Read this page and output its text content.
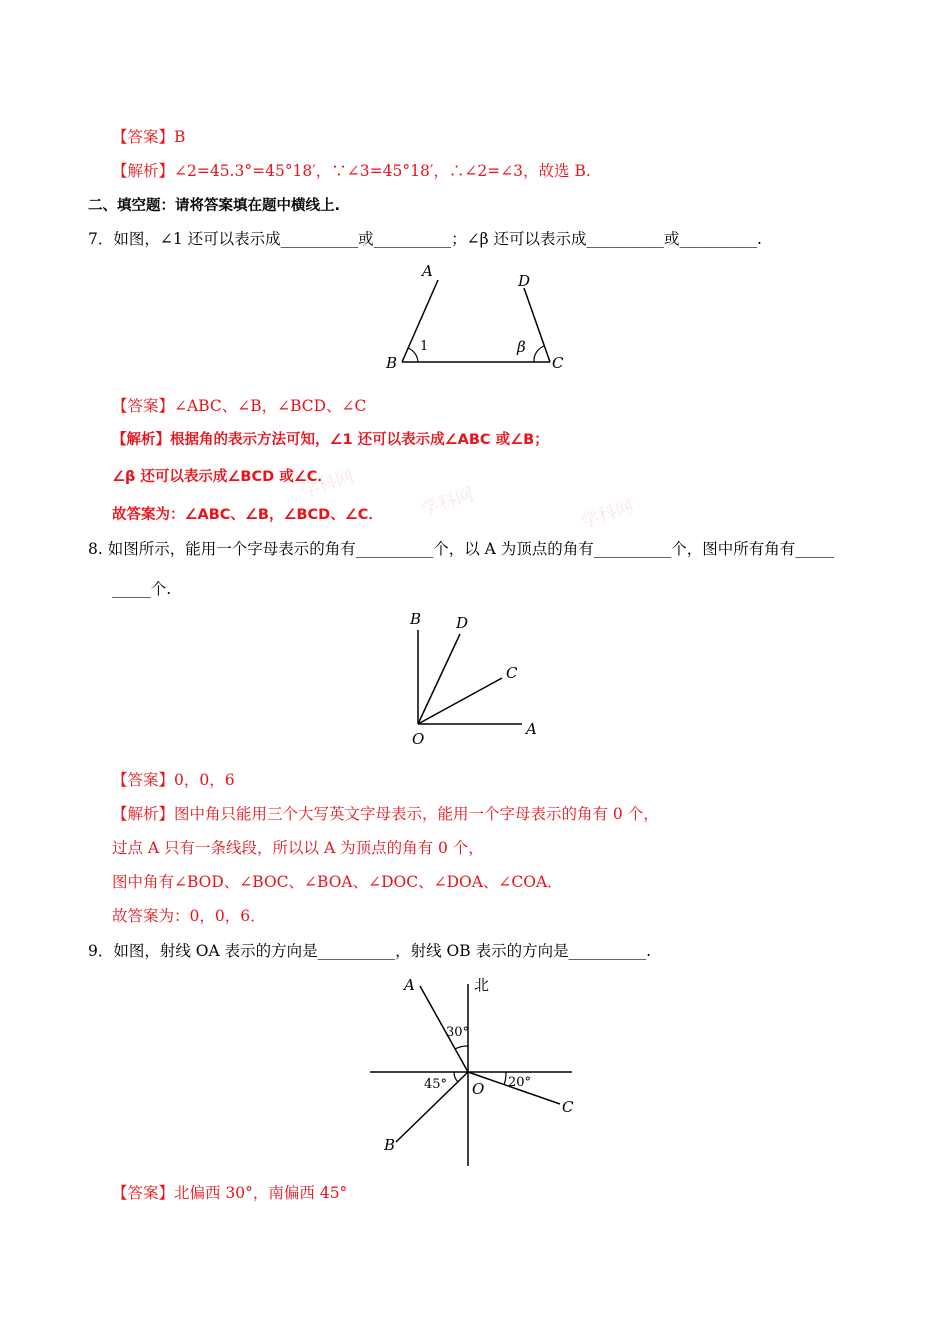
【答案】B
【解析】∠2=45.3°=45°18′，∵∠3=45°18′，∴∠2=∠3，故选 B.
二、填空题：请将答案填在题中横线上.
7．如图，∠1 还可以表示成__________或__________；∠β 还可以表示成__________或__________.
A
B	C
D
1	β
【答案】∠ABC、∠B，∠BCD、∠C
【解析】根据角的表示方法可知，∠1 还可以表示成∠ABC 或∠B；
∠β 还可以表示成∠BCD 或∠C．
故答案为：∠ABC、∠B，∠BCD、∠C．
学科网	学科网	学科网
8. 如图所示，能用一个字母表示的角有__________个，以 A 为顶点的角有__________个，图中所有角有_____
_____个.
B D
C
O
A
【答案】0，0，6
【解析】图中角只能用三个大写英文字母表示，能用一个字母表示的角有 0 个，
过点 A 只有一条线段，所以以 A 为顶点的角有 0 个，
图中角有∠BOD、∠BOC、∠BOA、∠DOC、∠DOA、∠COA．
故答案为：0，0，6．
9．如图，射线 OA 表示的方向是__________，射线 OB 表示的方向是__________.
A	北
30°
45° O 20°
C
B
【答案】北偏西 30°，南偏西 45°
